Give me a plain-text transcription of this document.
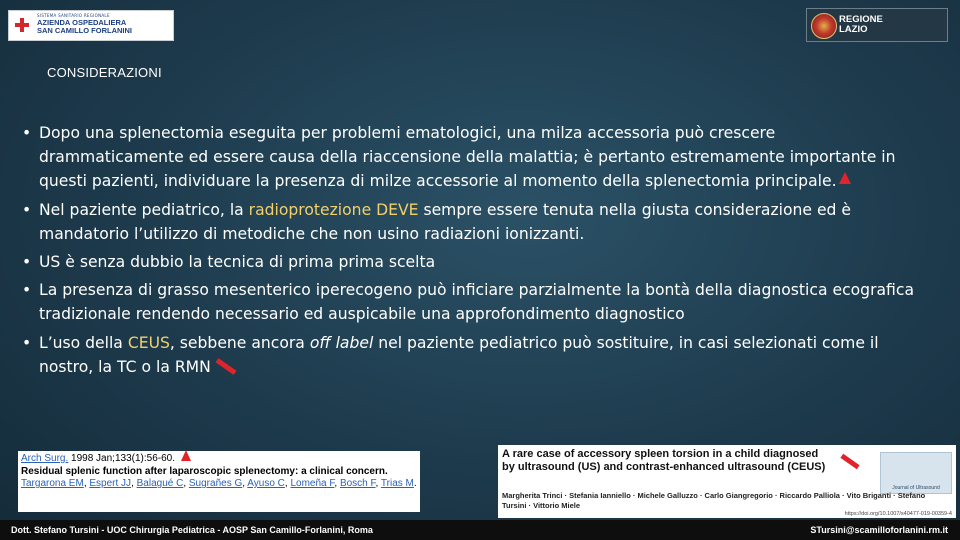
SISTEMA SANITARIO REGIONALE
AZIENDA OSPEDALIERA
SAN CAMILLO FORLANINI
REGIONE
LAZIO
CONSIDERAZIONI
• Dopo una splenectomia eseguita per problemi ematologici, una milza accessoria può crescere drammaticamente ed essere causa della riaccensione della malattia; è pertanto estremamente importante in questi pazienti, individuare la presenza di milze accessorie al momento della splenectomia principale.
• Nel paziente pediatrico, la radioprotezione DEVE sempre essere tenuta nella giusta considerazione ed è mandatorio l’utilizzo di metodiche che non usino radiazioni ionizzanti.
• US è senza dubbio la tecnica di prima prima scelta
• La presenza di grasso mesenterico iperecogeno può inficiare parzialmente la bontà della diagnostica ecografica tradizionale rendendo necessario ed auspicabile una approfondimento diagnostico
• L’uso della CEUS, sebbene ancora off label nel paziente pediatrico può sostituire, in casi selezionati come il nostro, la TC o la RMN
Arch Surg. 1998 Jan;133(1):56-60.
Residual splenic function after laparoscopic splenectomy: a clinical concern.
Targarona EM, Espert JJ, Balagué C, Sugrañes G, Ayuso C, Lomeña F, Bosch F, Trias M.
A rare case of accessory spleen torsion in a child diagnosed by ultrasound (US) and contrast-enhanced ultrasound (CEUS)
Journal of Ultrasound
Margherita Trinci · Stefania Ianniello · Michele Galluzzo · Carlo Giangregorio · Riccardo Palliola · Vito Briganti · Stefano Tursini · Vittorio Miele
https://doi.org/10.1007/s40477-019-00359-4
Dott. Stefano Tursini - UOC Chirurgia Pediatrica - AOSP San Camillo-Forlanini, Roma	STursini@scamilloforlanini.rm.it
